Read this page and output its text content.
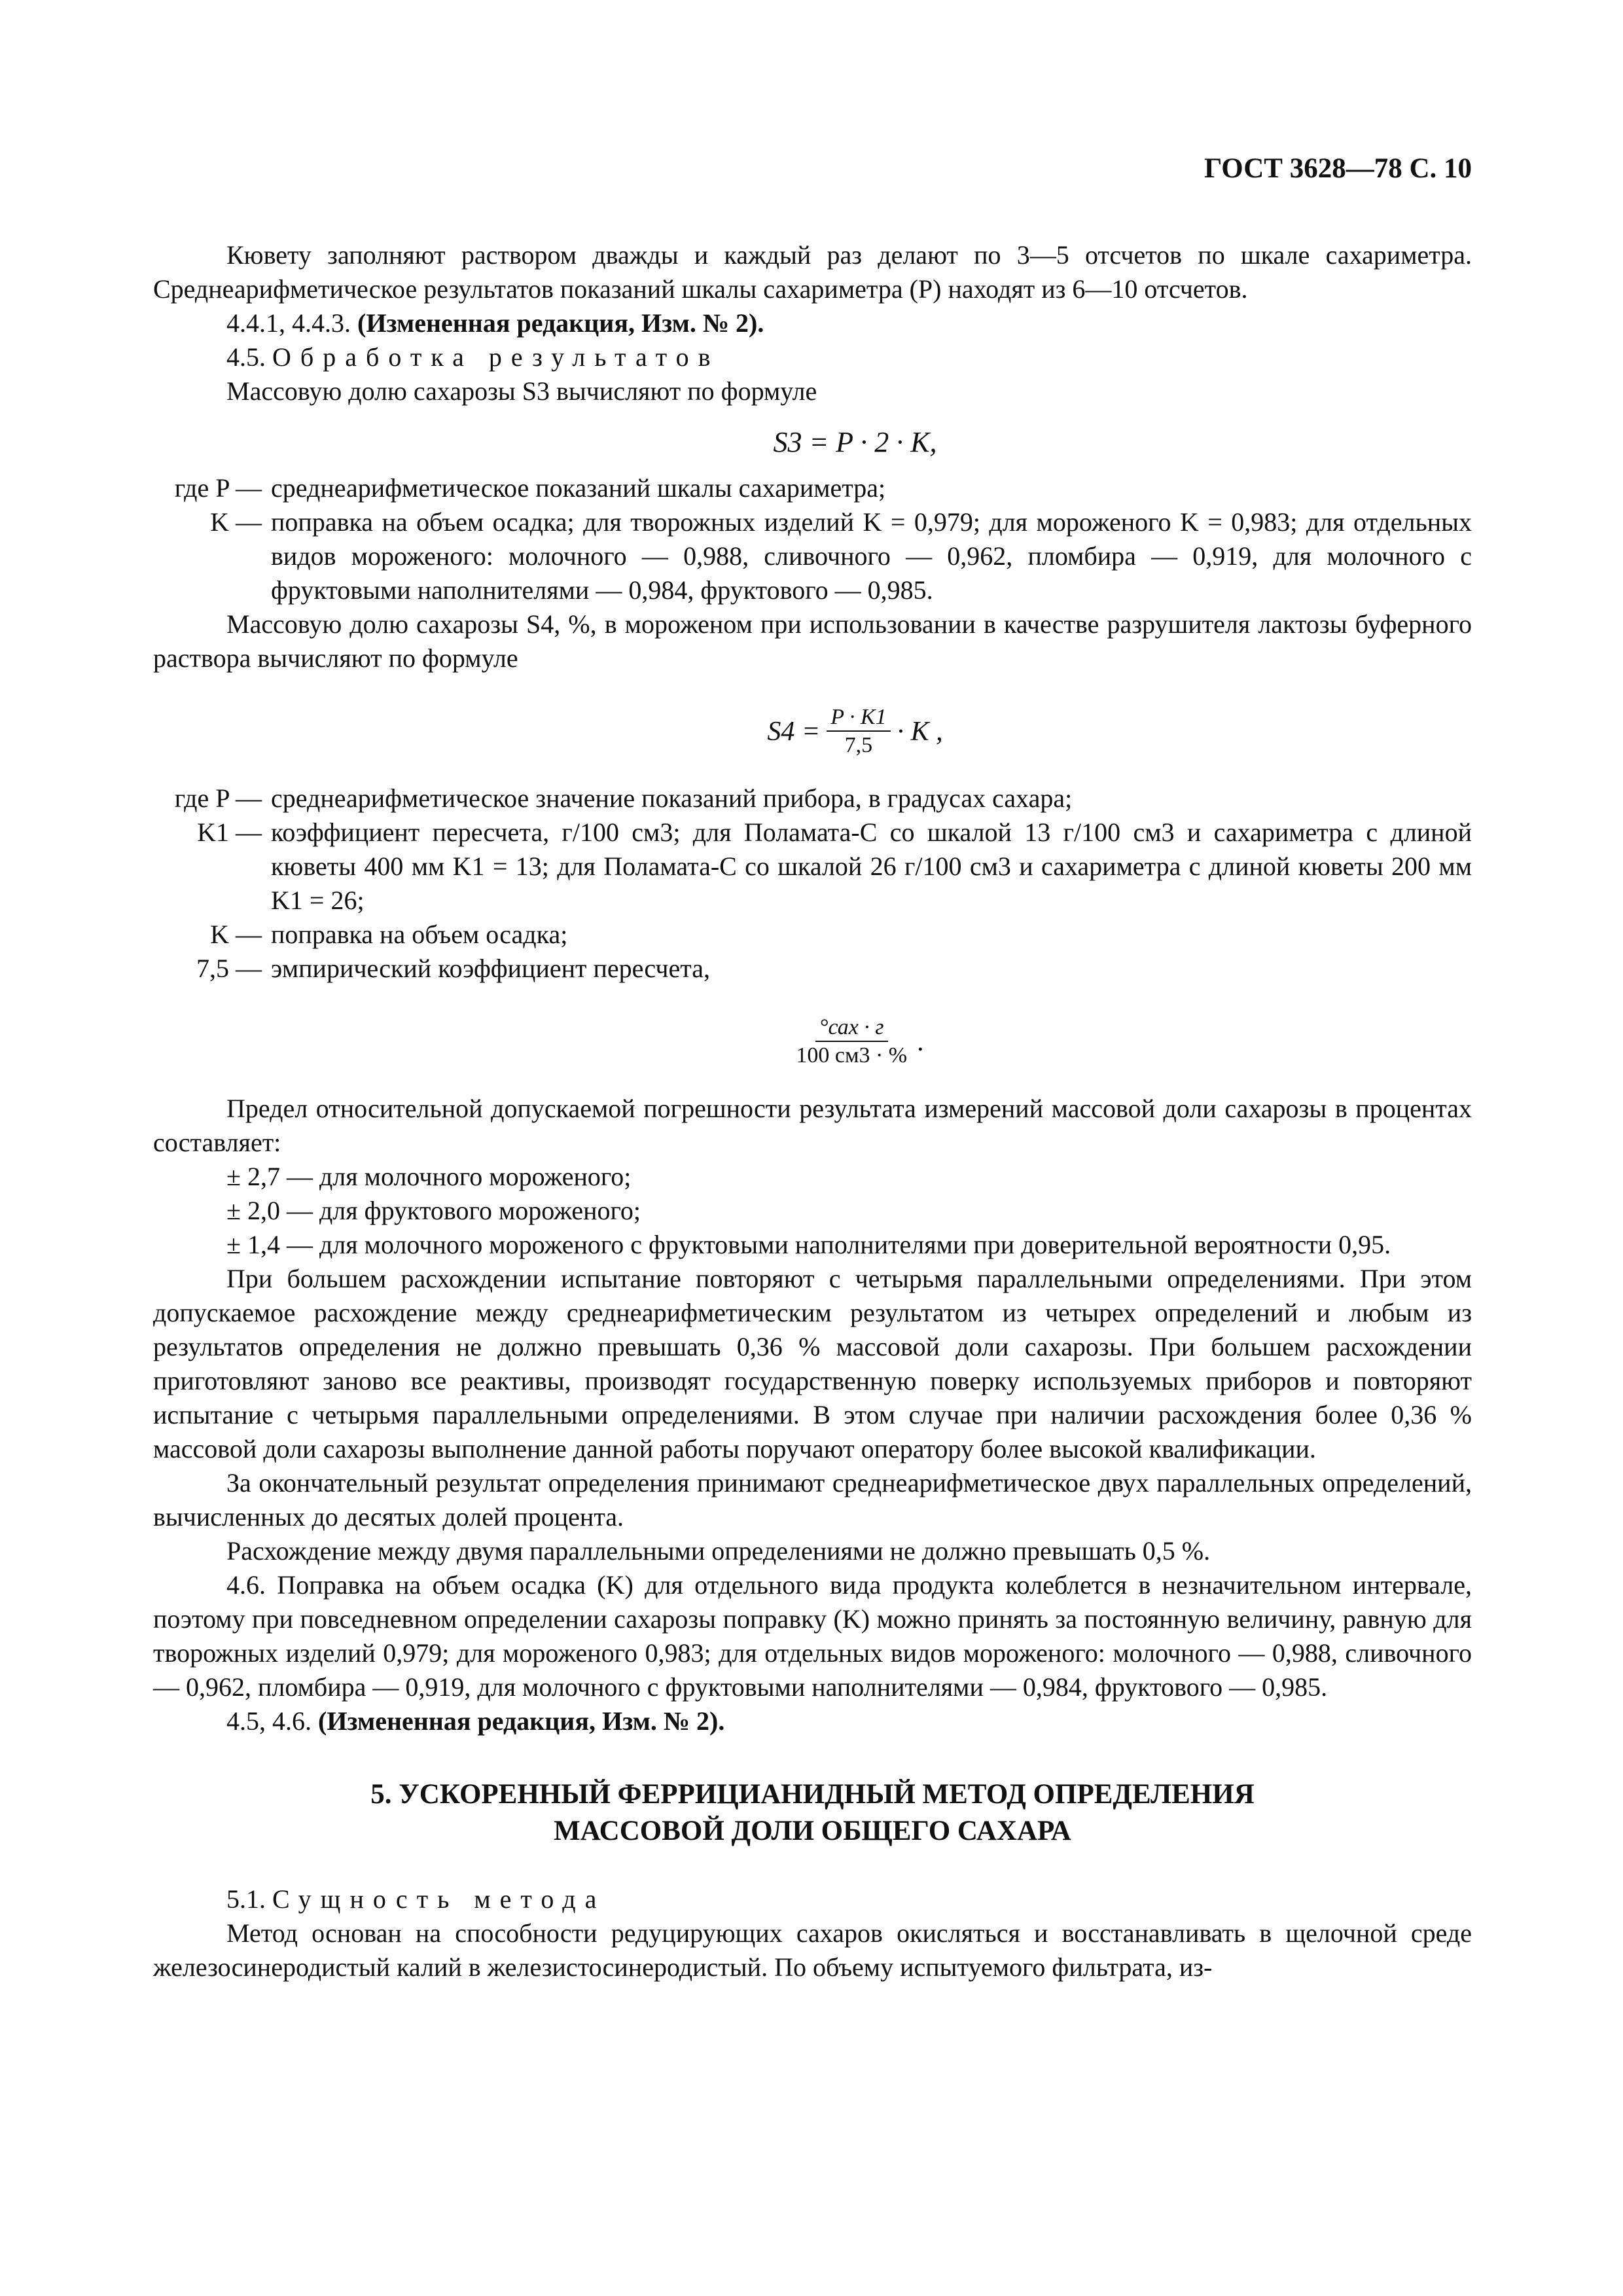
ГОСТ 3628—78 С. 10

Кювету заполняют раствором дважды и каждый раз делают по 3—5 отсчетов по шкале сахариметра. Среднеарифметическое результатов показаний шкалы сахариметра (P) находят из 6—10 отсчетов.

4.4.1, 4.4.3. (Измененная редакция, Изм. № 2).

4.5. Обработка результатов

Массовую долю сахарозы S3 вычисляют по формуле

S3 = P · 2 · K,
где P — среднеарифметическое показаний шкалы сахариметра;
K — поправка на объем осадка; для творожных изделий K = 0,979; для мороженого K = 0,983; для отдельных видов мороженого: молочного — 0,988, сливочного — 0,962, пломбира — 0,919, для молочного с фруктовыми наполнителями — 0,984, фруктового — 0,985.

Массовую долю сахарозы S4, %, в мороженом при использовании в качестве разрушителя лактозы буферного раствора вычисляют по формуле

$S4 = \frac{P \cdot K1}{7,5} \cdot K$ ,
где P — среднеарифметическое значение показаний прибора, в градусах сахара;
K1 — коэффициент пересчета, г/100 см3; для Поламата-С со шкалой 13 г/100 см3 и сахариметра с длиной кюветы 400 мм K1 = 13; для Поламата-С со шкалой 26 г/100 см3 и сахариметра с длиной кюветы 200 мм K1 = 26;
K — поправка на объем осадка;
7,5 — эмпирический коэффициент пересчета,
$\frac{\text{°сах · г}}{100 см3 \cdot \%}$ .

Предел относительной допускаемой погрешности результата измерений массовой доли сахарозы в процентах составляет:

± 2,7 — для молочного мороженого;

± 2,0 — для фруктового мороженого;

± 1,4 — для молочного мороженого с фруктовыми наполнителями при доверительной вероятности 0,95.

При большем расхождении испытание повторяют с четырьмя параллельными определениями. При этом допускаемое расхождение между среднеарифметическим результатом из четырех определений и любым из результатов определения не должно превышать 0,36 % массовой доли сахарозы. При большем расхождении приготовляют заново все реактивы, производят государственную поверку используемых приборов и повторяют испытание с четырьмя параллельными определениями. В этом случае при наличии расхождения более 0,36 % массовой доли сахарозы выполнение данной работы поручают оператору более высокой квалификации.

За окончательный результат определения принимают среднеарифметическое двух параллельных определений, вычисленных до десятых долей процента.

Расхождение между двумя параллельными определениями не должно превышать 0,5 %.

4.6. Поправка на объем осадка (K) для отдельного вида продукта колеблется в незначительном интервале, поэтому при повседневном определении сахарозы поправку (K) можно принять за постоянную величину, равную для творожных изделий 0,979; для мороженого 0,983; для отдельных видов мороженого: молочного — 0,988, сливочного — 0,962, пломбира — 0,919, для молочного с фруктовыми наполнителями — 0,984, фруктового — 0,985.

4.5, 4.6. (Измененная редакция, Изм. № 2).

5. УСКОРЕННЫЙ ФЕРРИЦИАНИДНЫЙ МЕТОД ОПРЕДЕЛЕНИЯ
МАССОВОЙ ДОЛИ ОБЩЕГО САХАРА

5.1. Сущность метода

Метод основан на способности редуцирующих сахаров окисляться и восстанавливать в щелочной среде железосинеродистый калий в железистосинеродистый. По объему испытуемого фильтрата, из-
